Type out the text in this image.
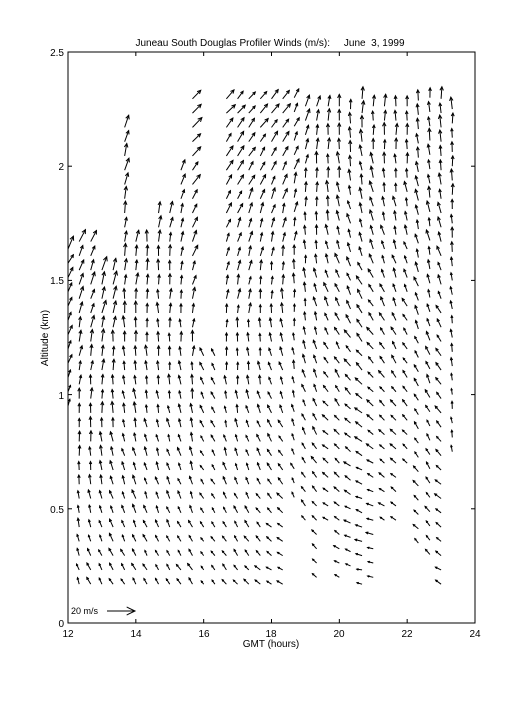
Juneau South Douglas Profiler Winds (m/s):     June  3, 1999
12	14	16	18	20	22	24
0
0.5
1
1.5
2
2.5
GMT (hours)
Altitude (km)
20 m/s
